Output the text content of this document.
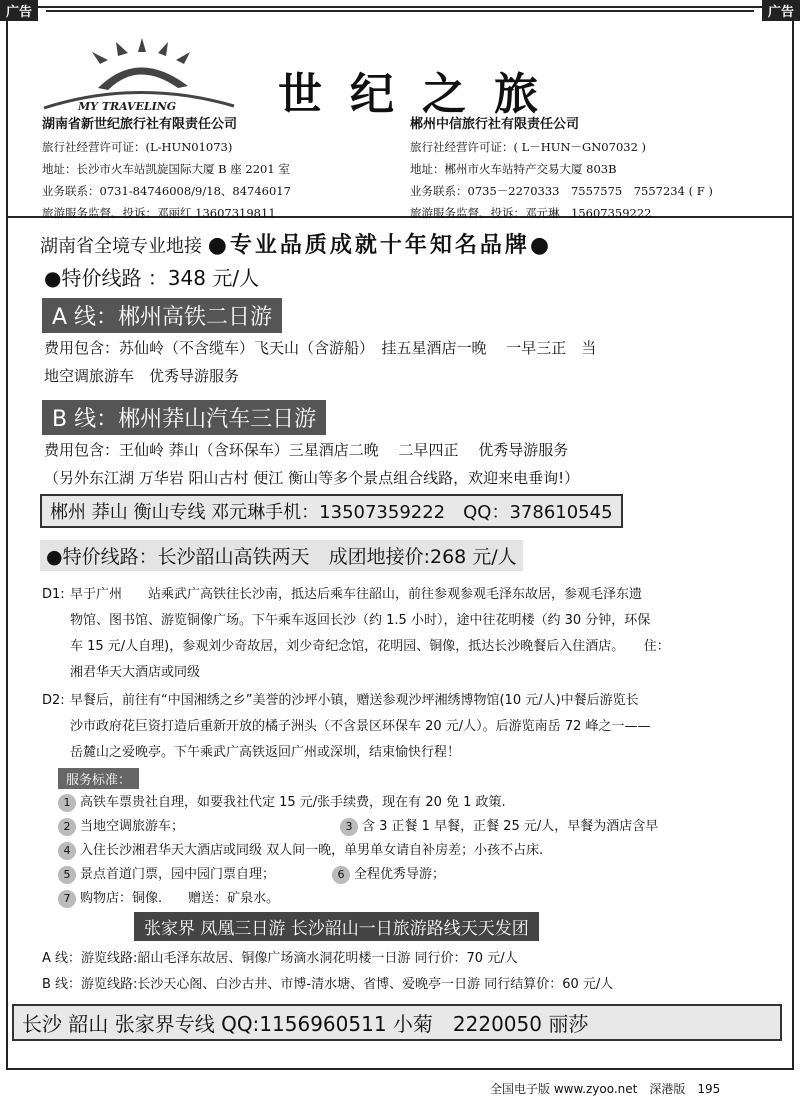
广告	广告
MY TRAVELING 世纪之旅
湖南省新世纪旅行社有限责任公司
旅行社经营许可证：(L-HUN01073)
地址：长沙市火车站凯旋国际大厦 B 座 2201 室
业务联系：0731-84746008/9/18、84746017
旅游服务监督、投诉：邓丽红 13607319811
郴州中信旅行社有限责任公司
旅行社经营许可证：( L－HUN－GN07032 )
地址：郴州市火车站特产交易大厦 803B
业务联系：0735－2270333　7557575　7557234 ( F )
旅游服务监督、投诉：邓元琳　15607359222
湖南省全境专业地接 ●专业品质成就十年知名品牌●
●特价线路 ：348 元/人
A 线：郴州高铁二日游
费用包含：苏仙岭（不含缆车）飞天山（含游船）　挂五星酒店一晚　 一早三正　当
地空调旅游车　优秀导游服务
B 线：郴州莽山汽车三日游
费用包含：王仙岭 莽山（含环保车）三星酒店二晚　 二早四正　 优秀导游服务
（另外东江湖 万华岩 阳山古村 便江 衡山等多个景点组合线路，欢迎来电垂询!）
郴州 莽山 衡山专线 邓元琳手机：13507359222　QQ：378610545
●特价线路：长沙韶山高铁两天　成团地接价:268 元/人
D1: 早于广州　　站乘武广高铁往长沙南，抵达后乘车往韶山，前往参观参观毛泽东故居，参观毛泽东遗
物馆、图书馆、游览铜像广场。下午乘车返回长沙（约 1.5 小时），途中往花明楼（约 30 分钟，环保
车 15 元/人自理)，参观刘少奇故居，刘少奇纪念馆，花明园、铜像，抵达长沙晚餐后入住酒店。　　住：
湘君华天大酒店或同级
D2: 早餐后，前往有“中国湘绣之乡”美誉的沙坪小镇，赠送参观沙坪湘绣博物馆(10 元/人)中餐后游览长
沙市政府花巨资打造后重新开放的橘子洲头（不含景区环保车 20 元/人）。后游览南岳 72 峰之一——
岳麓山之爱晚亭。下午乘武广高铁返回广州或深圳，结束愉快行程！
服务标准：
1 高铁车票贵社自理，如要我社代定 15 元/张手续费，现在有 20 免 1 政策.
2 当地空调旅游车；	3 含 3 正餐 1 早餐，正餐 25 元/人，早餐为酒店含早
4 入住长沙湘君华天大酒店或同级 双人间一晚，单男单女请自补房差；小孩不占床.
5 景点首道门票，园中园门票自理；	6 全程优秀导游；
7 购物店：铜像.　　赠送：矿泉水。
张家界 凤凰三日游 长沙韶山一日旅游路线天天发团
A 线：游览线路:韶山毛泽东故居、铜像广场滴水洞花明楼一日游 同行价：70 元/人
B 线：游览线路:长沙天心阁、白沙古井、市博-清水塘、省博、爱晚亭一日游 同行结算价：60 元/人
长沙 韶山 张家界专线 QQ:1156960511 小菊　2220050 丽莎
全国电子版 www.zyoo.net　深港版　195
